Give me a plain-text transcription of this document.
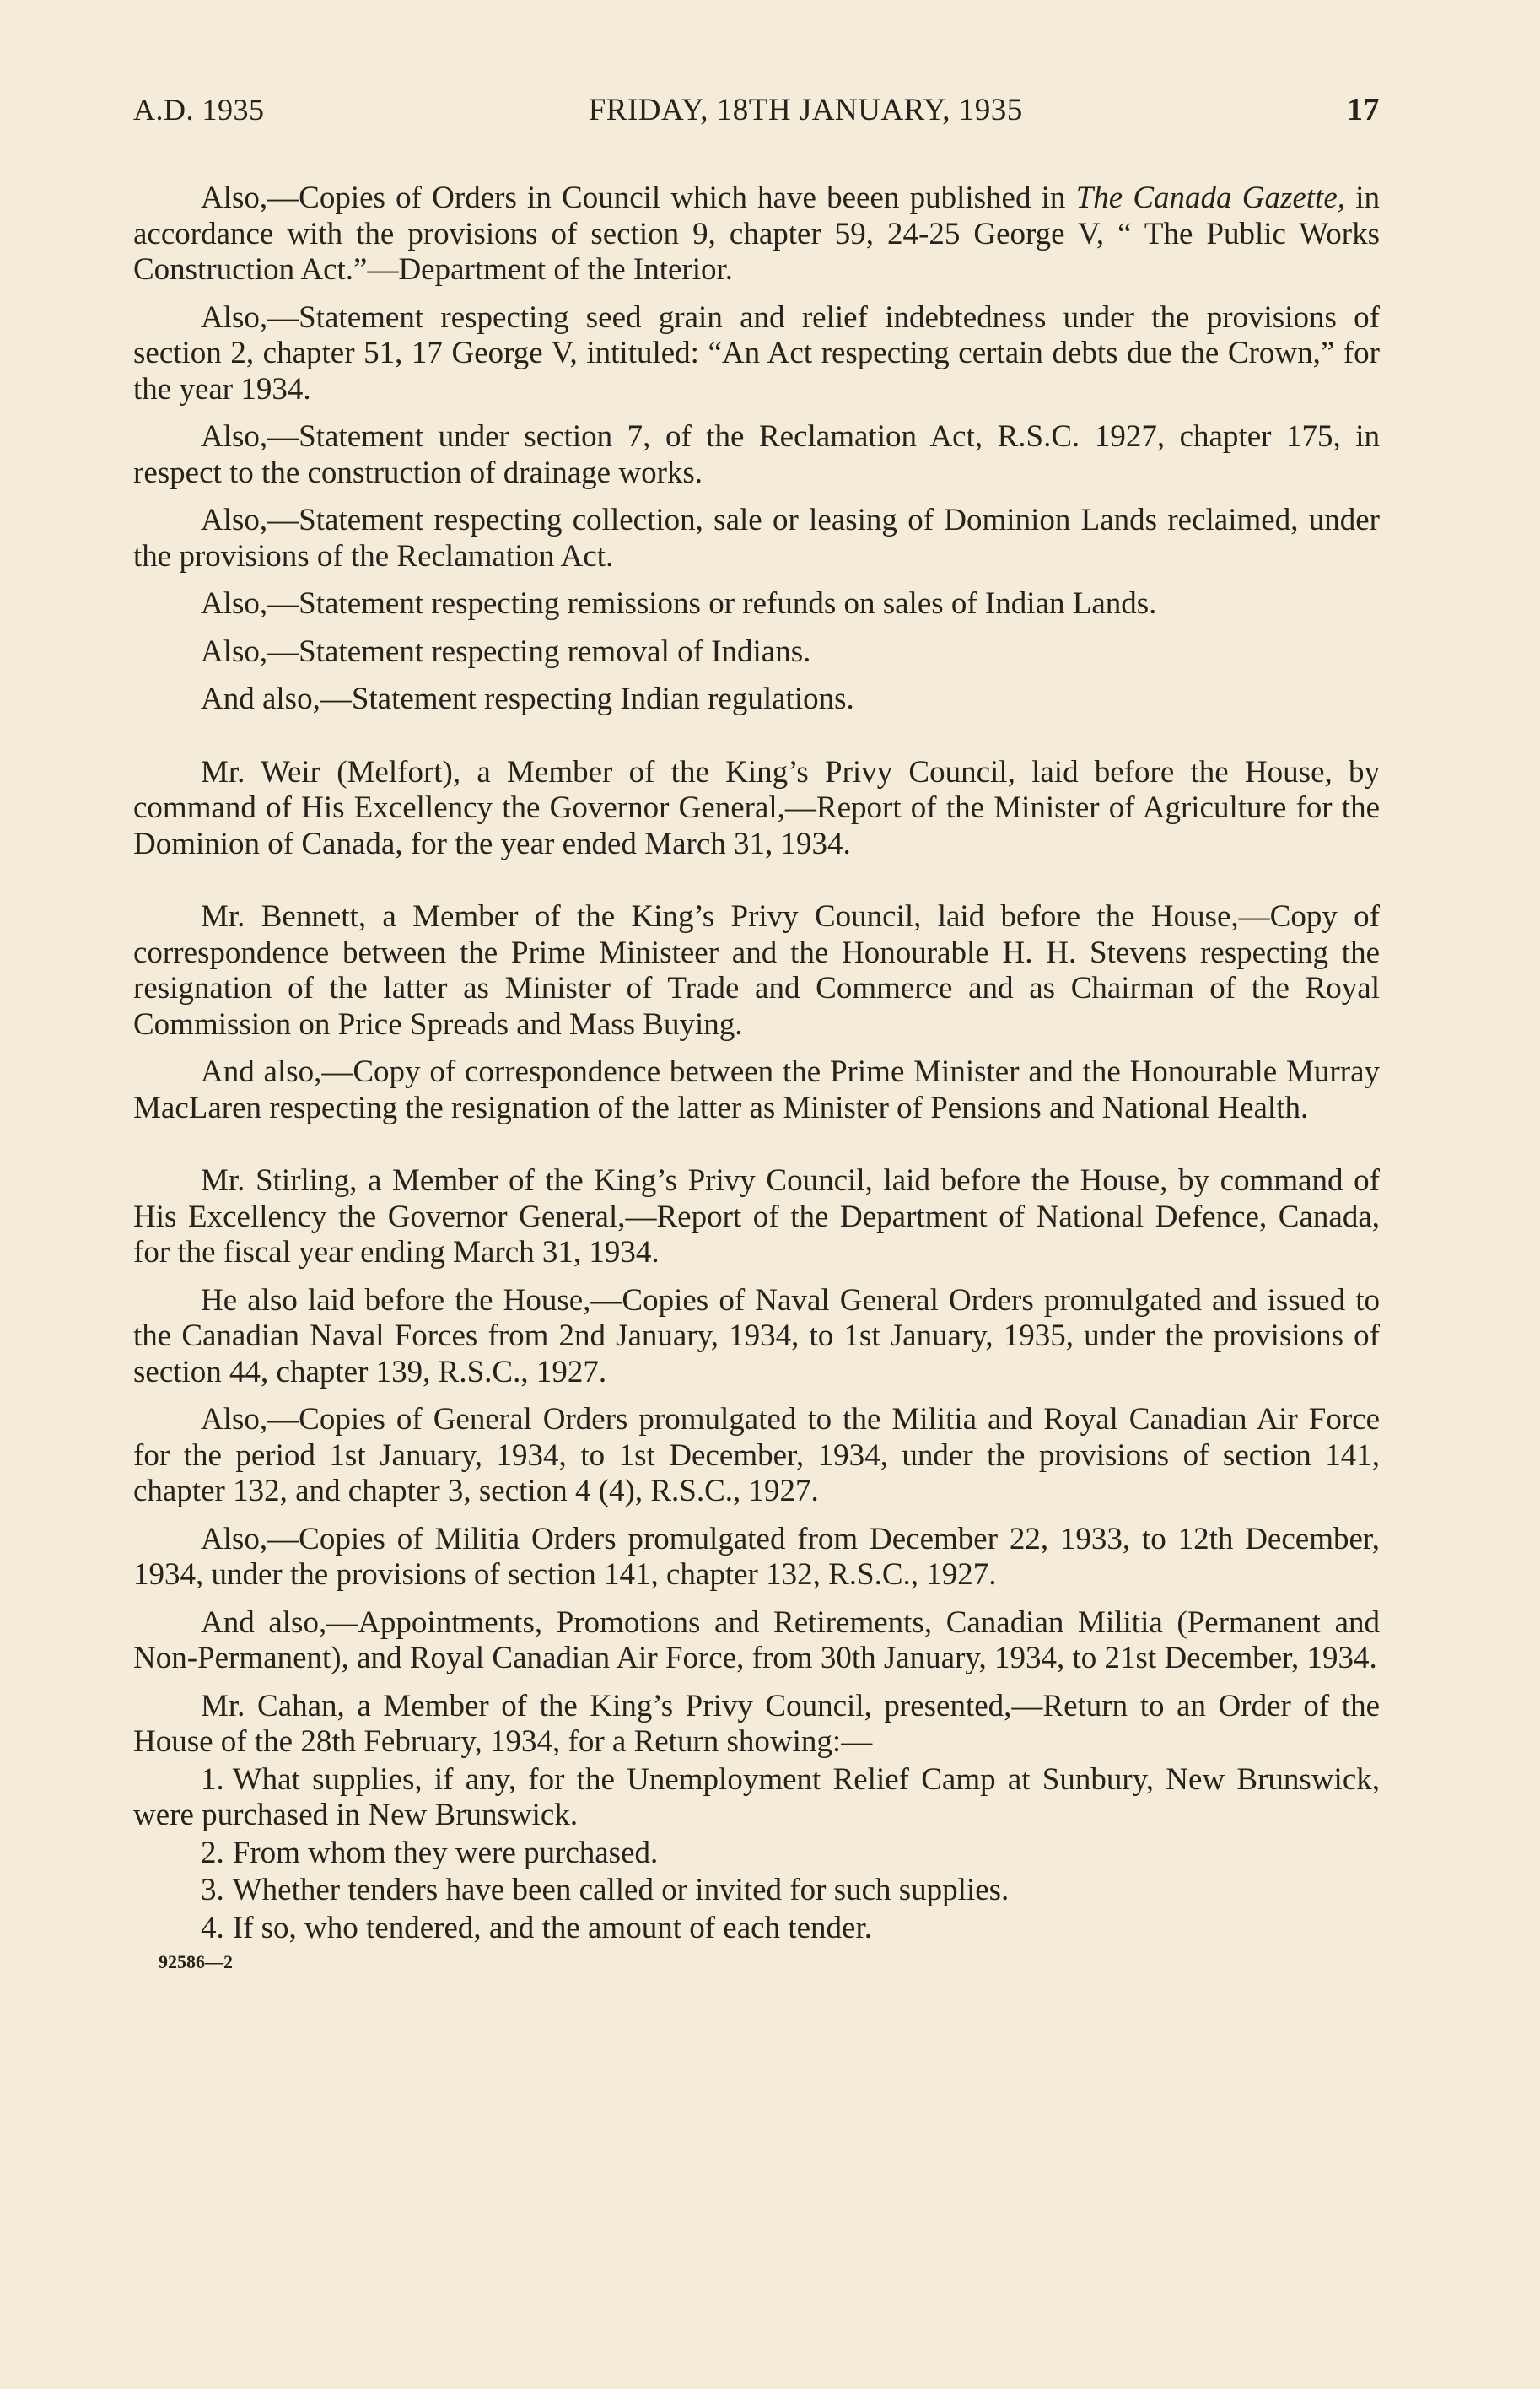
A.D. 1935	FRIDAY, 18TH JANUARY, 1935	17

Also,—Copies of Orders in Council which have beeen published in The Canada Gazette, in accordance with the provisions of section 9, chapter 59, 24-25 George V, “ The Public Works Construction Act.”—Department of the Interior.

Also,—Statement respecting seed grain and relief indebtedness under the provisions of section 2, chapter 51, 17 George V, intituled: “An Act respecting certain debts due the Crown,” for the year 1934.

Also,—Statement under section 7, of the Reclamation Act, R.S.C. 1927, chapter 175, in respect to the construction of drainage works.

Also,—Statement respecting collection, sale or leasing of Dominion Lands reclaimed, under the provisions of the Reclamation Act.

Also,—Statement respecting remissions or refunds on sales of Indian Lands.

Also,—Statement respecting removal of Indians.

And also,—Statement respecting Indian regulations.

Mr. Weir (Melfort), a Member of the King’s Privy Council, laid before the House, by command of His Excellency the Governor General,—Report of the Minister of Agriculture for the Dominion of Canada, for the year ended March 31, 1934.

Mr. Bennett, a Member of the King’s Privy Council, laid before the House,—Copy of correspondence between the Prime Ministeer and the Honourable H. H. Stevens respecting the resignation of the latter as Minister of Trade and Commerce and as Chairman of the Royal Commission on Price Spreads and Mass Buying.

And also,—Copy of correspondence between the Prime Minister and the Honourable Murray MacLaren respecting the resignation of the latter as Minister of Pensions and National Health.

Mr. Stirling, a Member of the King’s Privy Council, laid before the House, by command of His Excellency the Governor General,—Report of the Department of National Defence, Canada, for the fiscal year ending March 31, 1934.

He also laid before the House,—Copies of Naval General Orders promulgated and issued to the Canadian Naval Forces from 2nd January, 1934, to 1st January, 1935, under the provisions of section 44, chapter 139, R.S.C., 1927.

Also,—Copies of General Orders promulgated to the Militia and Royal Canadian Air Force for the period 1st January, 1934, to 1st December, 1934, under the provisions of section 141, chapter 132, and chapter 3, section 4 (4), R.S.C., 1927.

Also,—Copies of Militia Orders promulgated from December 22, 1933, to 12th December, 1934, under the provisions of section 141, chapter 132, R.S.C., 1927.

And also,—Appointments, Promotions and Retirements, Canadian Militia (Permanent and Non-Permanent), and Royal Canadian Air Force, from 30th January, 1934, to 21st December, 1934.

Mr. Cahan, a Member of the King’s Privy Council, presented,—Return to an Order of the House of the 28th February, 1934, for a Return showing:—

1. What supplies, if any, for the Unemployment Relief Camp at Sunbury, New Brunswick, were purchased in New Brunswick.
2. From whom they were purchased.
3. Whether tenders have been called or invited for such supplies.
4. If so, who tendered, and the amount of each tender.
92586—2
